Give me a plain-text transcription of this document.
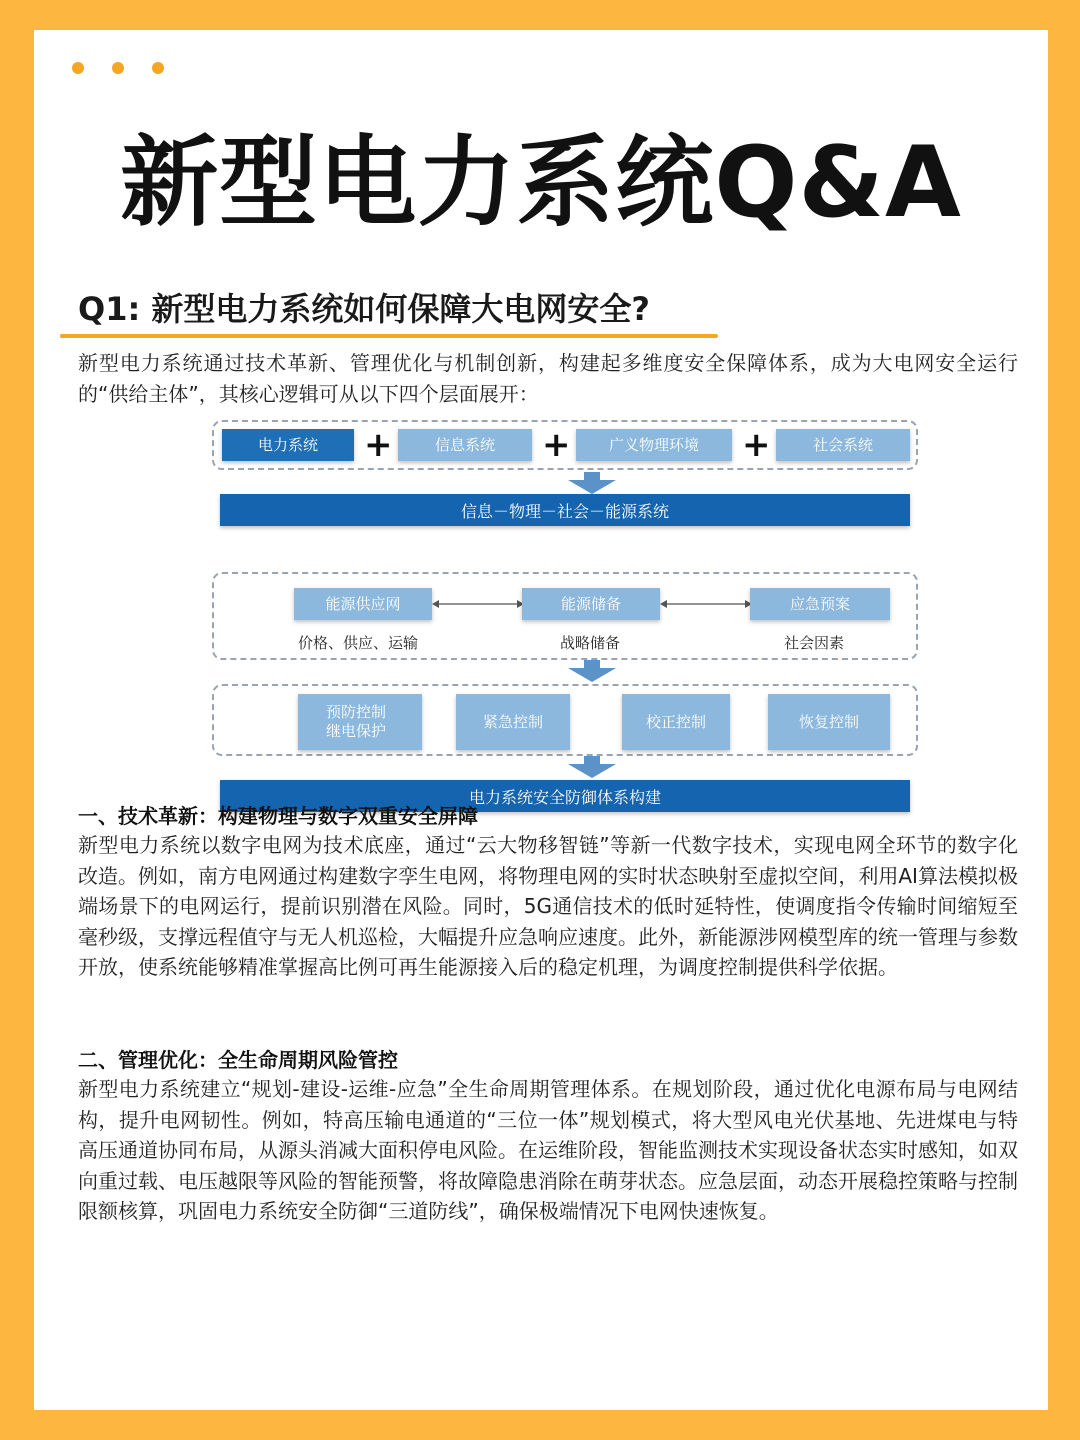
新型电力系统Q&A
Q1: 新型电力系统如何保障大电网安全?
新型电力系统通过技术革新、管理优化与机制创新，构建起多维度安全保障体系，成为大电网安全运行的“供给主体”，其核心逻辑可从以下四个层面展开：
电力系统	+	信息系统	+	广义物理环境	+	社会系统
信息－物理－社会－能源系统
能源供应网	能源储备	应急预案
价格、供应、运输	战略储备	社会因素
预防控制
继电保护
紧急控制	校正控制	恢复控制
电力系统安全防御体系构建
一、技术革新：构建物理与数字双重安全屏障
新型电力系统以数字电网为技术底座，通过“云大物移智链”等新一代数字技术，实现电网全环节的数字化改造。例如，南方电网通过构建数字孪生电网，将物理电网的实时状态映射至虚拟空间，利用AI算法模拟极端场景下的电网运行，提前识别潜在风险。同时，5G通信技术的低时延特性，使调度指令传输时间缩短至毫秒级，支撑远程值守与无人机巡检，大幅提升应急响应速度。此外，新能源涉网模型库的统一管理与参数开放，使系统能够精准掌握高比例可再生能源接入后的稳定机理，为调度控制提供科学依据。
二、管理优化：全生命周期风险管控
新型电力系统建立“规划-建设-运维-应急”全生命周期管理体系。在规划阶段，通过优化电源布局与电网结构，提升电网韧性。例如，特高压输电通道的“三位一体”规划模式，将大型风电光伏基地、先进煤电与特高压通道协同布局，从源头消减大面积停电风险。在运维阶段，智能监测技术实现设备状态实时感知，如双向重过载、电压越限等风险的智能预警，将故障隐患消除在萌芽状态。应急层面，动态开展稳控策略与控制限额核算，巩固电力系统安全防御“三道防线”，确保极端情况下电网快速恢复。
